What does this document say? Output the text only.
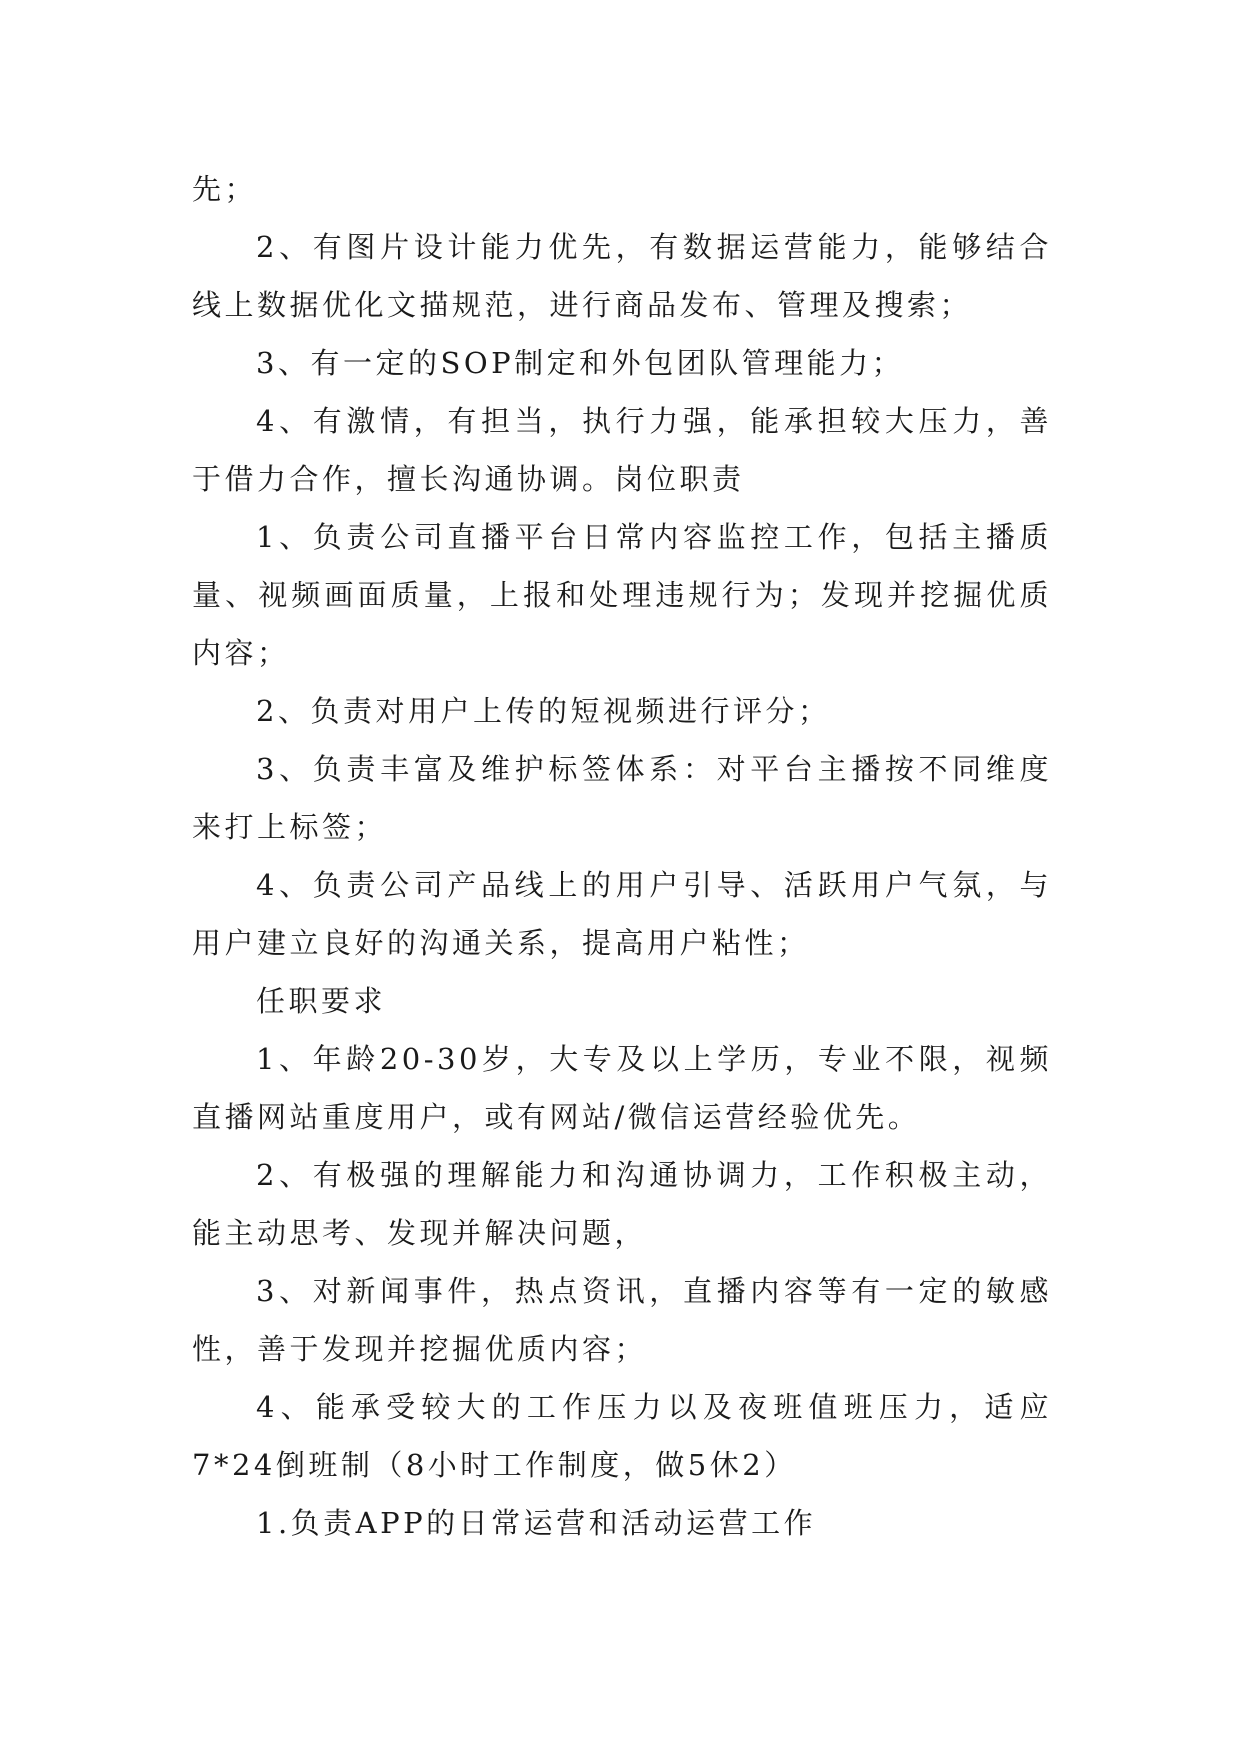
先；

2、有图片设计能力优先，有数据运营能力，能够结合线上数据优化文描规范，进行商品发布、管理及搜索；

3、有一定的SOP制定和外包团队管理能力；

4、有激情，有担当，执行力强，能承担较大压力，善于借力合作，擅长沟通协调。岗位职责

1、负责公司直播平台日常内容监控工作，包括主播质量、视频画面质量，上报和处理违规行为；发现并挖掘优质内容；

2、负责对用户上传的短视频进行评分；

3、负责丰富及维护标签体系：对平台主播按不同维度来打上标签；

4、负责公司产品线上的用户引导、活跃用户气氛，与用户建立良好的沟通关系，提高用户粘性；

任职要求

1、年龄20-30岁，大专及以上学历，专业不限，视频直播网站重度用户，或有网站/微信运营经验优先。

2、有极强的理解能力和沟通协调力，工作积极主动，能主动思考、发现并解决问题，

3、对新闻事件，热点资讯，直播内容等有一定的敏感性，善于发现并挖掘优质内容；

4、能承受较大的工作压力以及夜班值班压力，适应7*24倒班制（8小时工作制度，做5休2）

1.负责APP的日常运营和活动运营工作
